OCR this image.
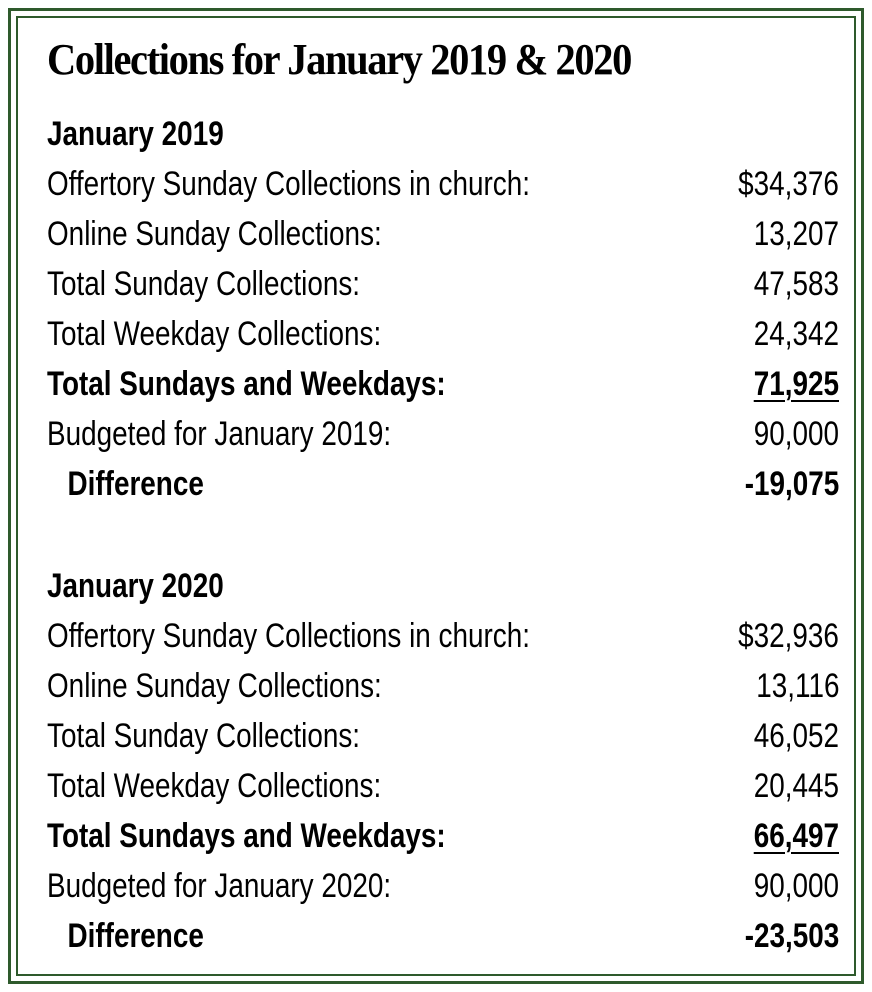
Collections for January 2019 & 2020
January 2019
Offertory Sunday Collections in church:	$34,376
Online Sunday Collections:	13,207
Total Sunday Collections:	47,583
Total Weekday Collections:	24,342
Total Sundays and Weekdays:	71,925
Budgeted for January 2019:	90,000
Difference	-19,075
January 2020
Offertory Sunday Collections in church:	$32,936
Online Sunday Collections:	13,116
Total Sunday Collections:	46,052
Total Weekday Collections:	20,445
Total Sundays and Weekdays:	66,497
Budgeted for January 2020:	90,000
Difference	-23,503
